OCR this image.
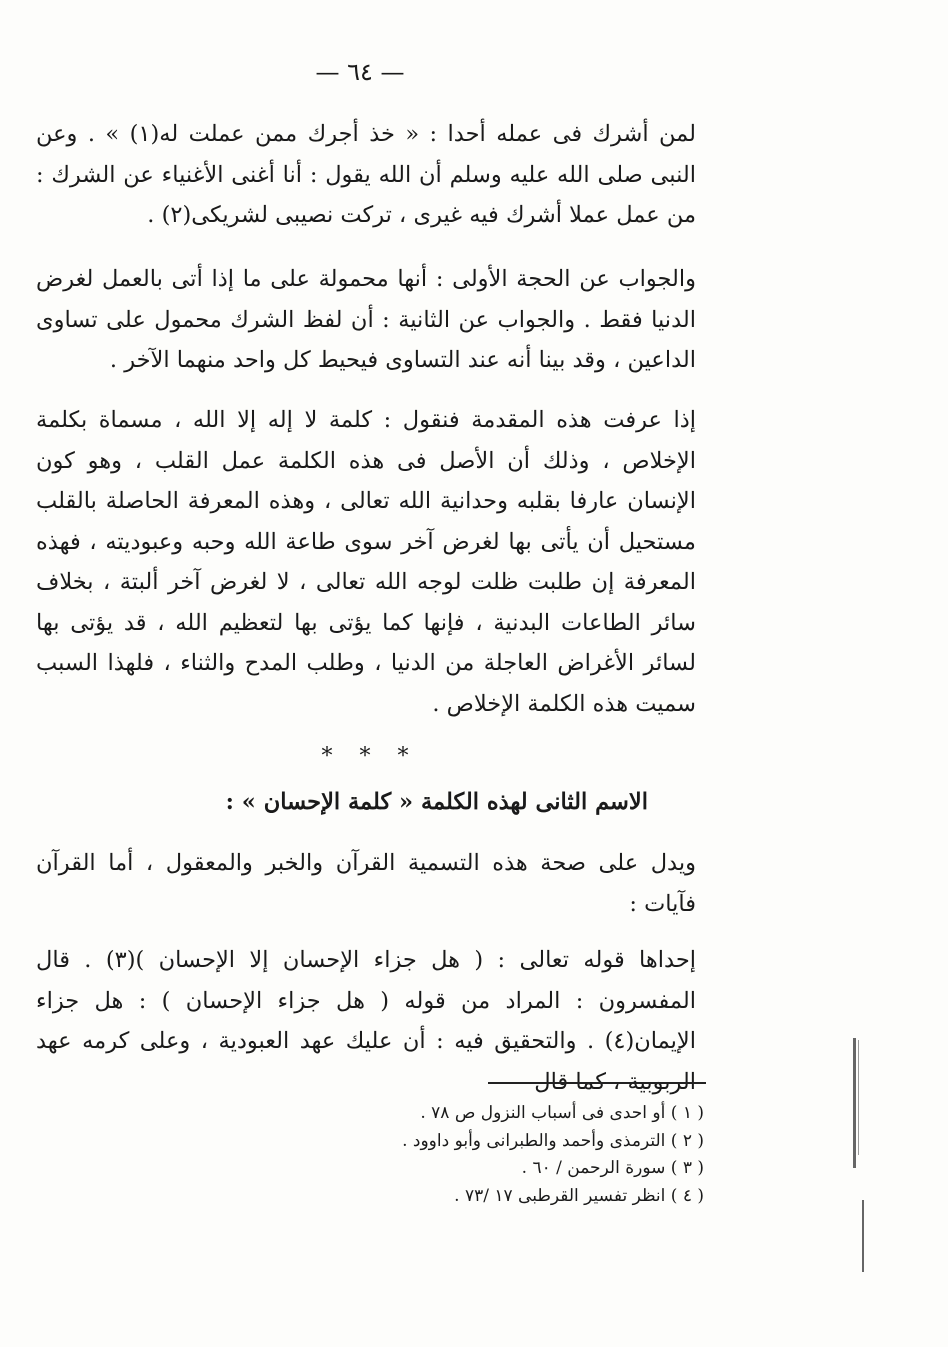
— ٦٤ —

لمن أشرك فى عمله أحدا : « خذ أجرك ممن عملت له(١) » . وعن النبى صلى الله عليه وسلم أن الله يقول : أنا أغنى الأغنياء عن الشرك : من عمل عملا أشرك فيه غيرى ، تركت نصيبى لشريكى(٢) .

والجواب عن الحجة الأولى : أنها محمولة على ما إذا أتى بالعمل لغرض الدنيا فقط . والجواب عن الثانية : أن لفظ الشرك محمول على تساوى الداعين ، وقد بينا أنه عند التساوى فيحيط كل واحد منهما الآخر .

إذا عرفت هذه المقدمة فنقول : كلمة لا إله إلا الله ، مسماة بكلمة الإخلاص ، وذلك أن الأصل فى هذه الكلمة عمل القلب ، وهو كون الإنسان عارفا بقلبه وحدانية الله تعالى ، وهذه المعرفة الحاصلة بالقلب مستحيل أن يأتى بها لغرض آخر سوى طاعة الله وحبه وعبوديته ، فهذه المعرفة إن طلبت ظلت لوجه الله تعالى ، لا لغرض آخر ألبتة ، بخلاف سائر الطاعات البدنية ، فإنها كما يؤتى بها لتعظيم الله ، قد يؤتى بها لسائر الأغراض العاجلة من الدنيا ، وطلب المدح والثناء ، فلهذا السبب سميت هذه الكلمة الإخلاص .

* * *
الاسم الثانى لهذه الكلمة « كلمة الإحسان » :

ويدل على صحة هذه التسمية القرآن والخبر والمعقول ، أما القرآن فآيات :

إحداها قوله تعالى : ( هل جزاء الإحسان إلا الإحسان )(٣) . قال المفسرون : المراد من قوله ( هل جزاء الإحسان ) : هل جزاء الإيمان(٤) . والتحقيق فيه : أن عليك عهد العبودية ، وعلى كرمه عهد الربوبية ، كما قال

( ١ ) أو احدى فى أسباب النزول ص ٧٨ .
( ٢ ) الترمذى وأحمد والطبرانى وأبو داوود .
( ٣ ) سورة الرحمن / ٦٠ .
( ٤ ) انظر تفسير القرطبى ١٧ /٧٣ .
